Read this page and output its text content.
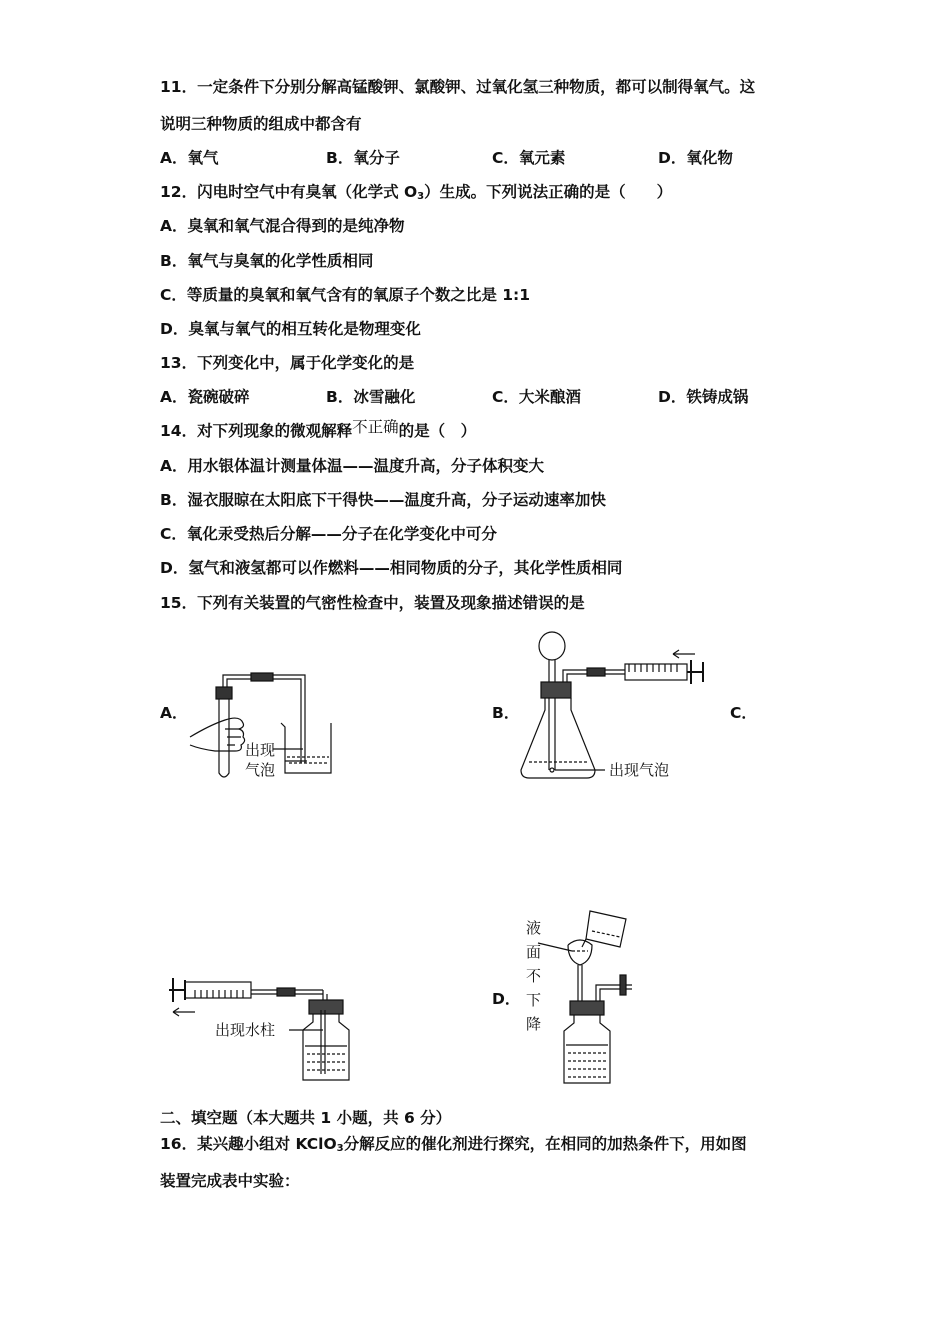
11．一定条件下分别分解高锰酸钾、氯酸钾、过氧化氢三种物质，都可以制得氧气。这
说明三种物质的组成中都含有
A．氧气	B．氧分子	C．氧元素	D．氧化物
12．闪电时空气中有臭氧（化学式 $O_3$）生成。下列说法正确的是（　　）
A．臭氧和氧气混合得到的是纯净物
B．氧气与臭氧的化学性质相同
C．等质量的臭氧和氧气含有的氧原子个数之比是 1:1
D．臭氧与氧气的相互转化是物理变化
13．下列变化中，属于化学变化的是
A．瓷碗破碎	B．冰雪融化	C．大米酿酒	D．铁铸成锅
14．对下列现象的微观解释不正确的是（　）
A．用水银体温计测量体温——温度升高，分子体积变大
B．湿衣服晾在太阳底下干得快——温度升高，分子运动速率加快
C．氧化汞受热后分解——分子在化学变化中可分
D．氢气和液氢都可以作燃料——相同物质的分子，其化学性质相同
15．下列有关装置的气密性检查中，装置及现象描述错误的是
A．	B．	C．
D．
出现
气泡	出现气泡
出现水柱
液
面
不
下
降
二、填空题（本大题共 1 小题，共 6 分）
16．某兴趣小组对 KClO$_3$分解反应的催化剂进行探究，在相同的加热条件下，用如图
装置完成表中实验：
